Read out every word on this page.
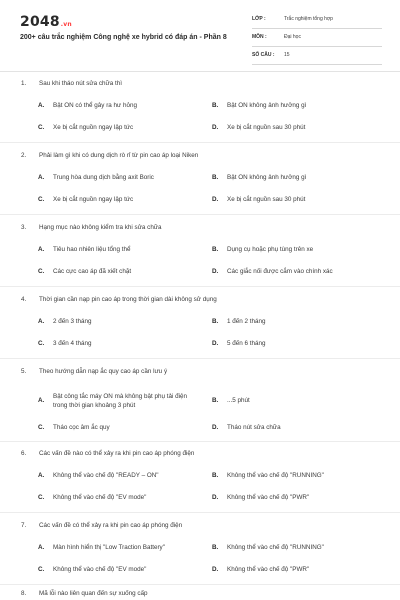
2048.vn
200+ câu trắc nghiệm Công nghệ xe hybrid có đáp án - Phần 8
LỚP :	Trắc nghiệm tổng hợp
MÔN :	Đại học
SỐ CÂU : 15
1. Sau khi tháo nút sửa chữa thì
A. Bật ON có thể gây ra hư hỏng	B. Bật ON không ảnh hưởng gì
C. Xe bị cắt nguồn ngay lập tức	D. Xe bị cắt nguồn sau 30 phút
2. Phải làm gì khi có dung dịch rò rỉ từ pin cao áp loại Niken
A. Trung hòa dung dịch bằng axit Boric	B. Bật ON không ảnh hưởng gì
C. Xe bị cắt nguồn ngay lập tức	D. Xe bị cắt nguồn sau 30 phút
3. Hạng mục nào không kiểm tra khi sửa chữa
A. Tiêu hao nhiên liệu tổng thể	B. Dụng cụ hoặc phụ tùng trên xe
C. Các cực cao áp đã xiết chặt	D. Các giắc nối được cắm vào chính xác
4. Thời gian cần nạp pin cao áp trong thời gian dài không sử dụng
A. 2 đến 3 tháng	B. 1 đến 2 tháng
C. 3 đến 4 tháng	D. 5 đến 6 tháng
5. Theo hướng dẫn nạp ắc quy cao áp cần lưu ý
A.
Bật công tắc máy ON mà không bật phụ tải điện trong thời gian khoảng 3 phút
B. ...5 phút
C. Tháo cọc âm ắc quy	D. Tháo nút sửa chữa
6. Các vấn đề nào có thể xảy ra khi pin cao áp phóng điện
A. Không thể vào chế độ "READY – ON"	B. Không thể vào chế độ "RUNNING"
C. Không thể vào chế độ "EV mode"	D. Không thể vào chế độ "PWR"
7. Các vấn đề có thể xảy ra khi pin cao áp phóng điện
A. Màn hình hiển thị "Low Traction Battery"	B. Không thể vào chế độ "RUNNING"
C. Không thể vào chế độ "EV mode"	D. Không thể vào chế độ "PWR"
8. Mã lỗi nào liên quan đến sự xuống cấp
